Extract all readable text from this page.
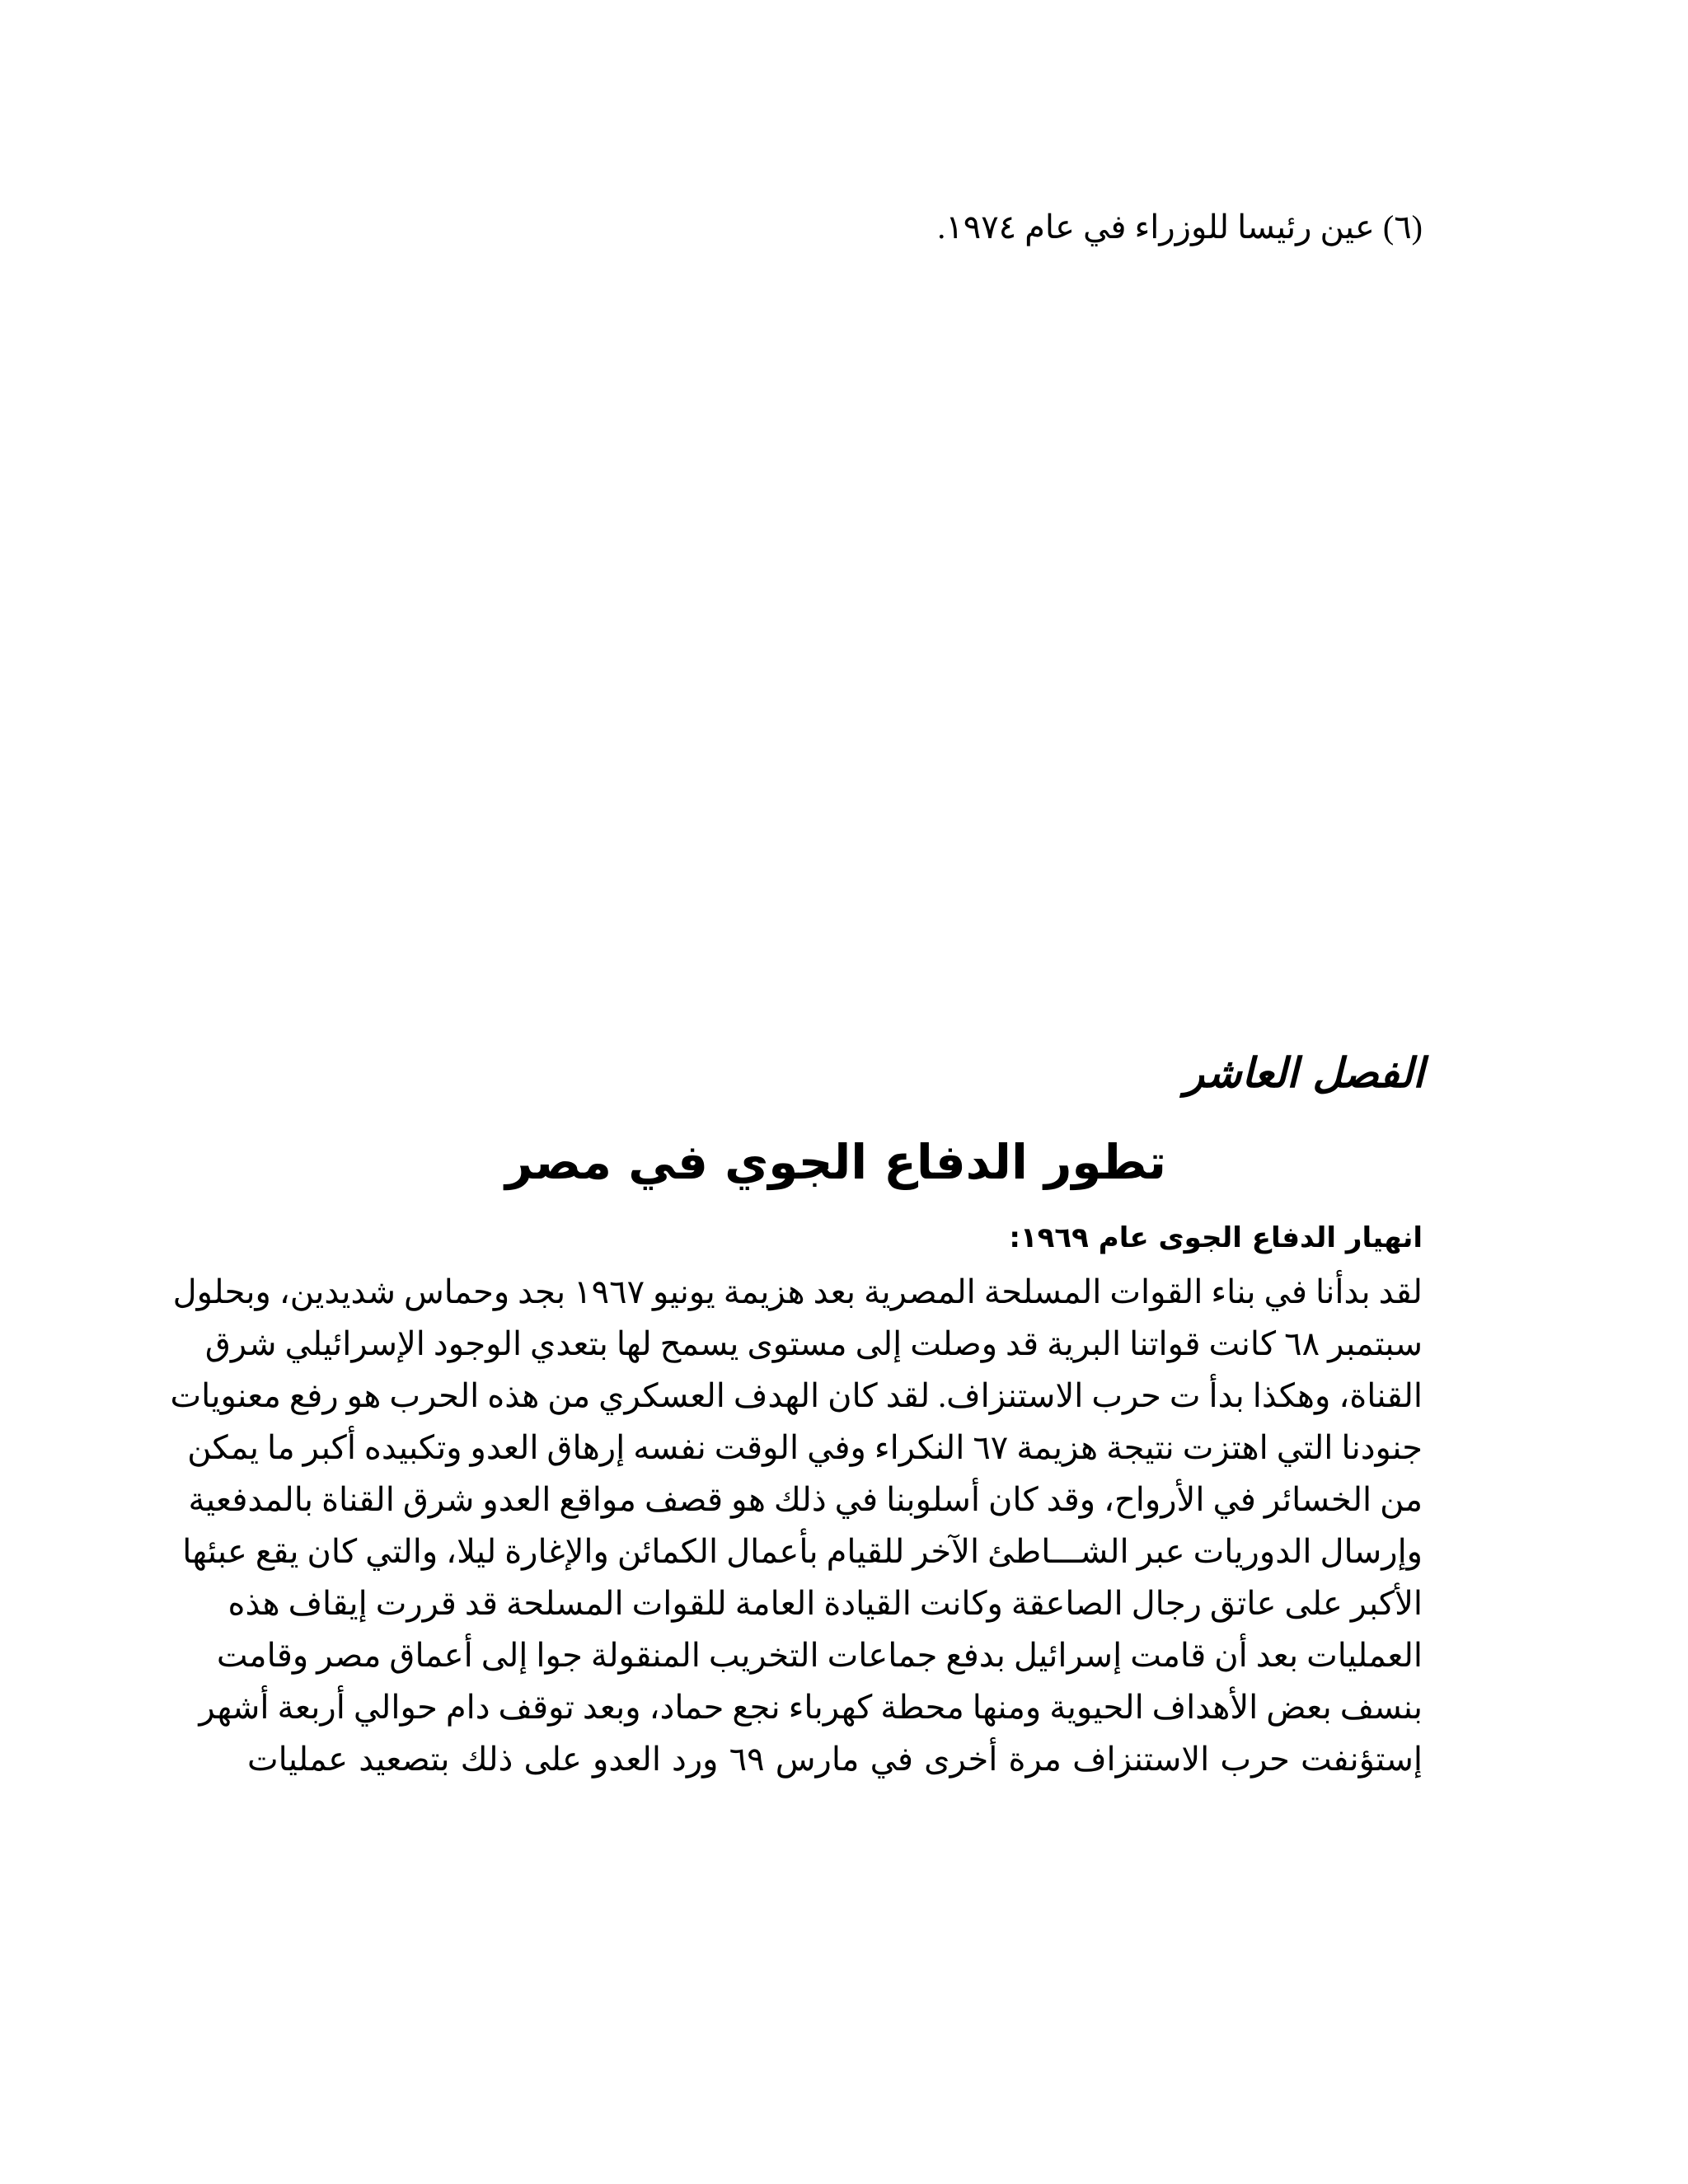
(٦) عين رئيسا للوزراء في عام ١٩٧٤.
الفصل العاشر
تطور الدفاع الجوي في مصر
انهيار الدفاع الجوى عام ١٩٦٩:
لقد بدأنا في بناء القوات المسلحة المصرية بعد هزيمة يونيو ١٩٦٧ بجد وحماس شديدين، وبحلول
سبتمبر ٦٨ كانت قواتنا البرية قد وصلت إلى مستوى يسمح لها بتعدي الوجود الإسرائيلي شرق
القناة، وهكذا بدأ ت حرب الاستنزاف. لقد كان الهدف العسكري من هذه الحرب هو رفع معنويات
جنودنا التي اهتزت نتيجة هزيمة ٦٧ النكراء وفي الوقت نفسه إرهاق العدو وتكبيده أكبر ما يمكن
من الخسائر في الأرواح، وقد كان أسلوبنا في ذلك هو قصف مواقع العدو شرق القناة بالمدفعية
وإرسال الدوريات عبر الشـــاطئ الآخر للقيام بأعمال الكمائن والإغارة ليلا، والتي كان يقع عبئها
الأكبر على عاتق رجال الصاعقة وكانت القيادة العامة للقوات المسلحة قد قررت إيقاف هذه
العمليات بعد أن قامت إسرائيل بدفع جماعات التخريب المنقولة جوا إلى أعماق مصر وقامت
بنسف بعض الأهداف الحيوية ومنها محطة كهرباء نجع حماد، وبعد توقف دام حوالي أربعة أشهر
إستؤنفت حرب الاستنزاف مرة أخرى في مارس ٦٩ ورد العدو على ذلك بتصعيد عمليات
